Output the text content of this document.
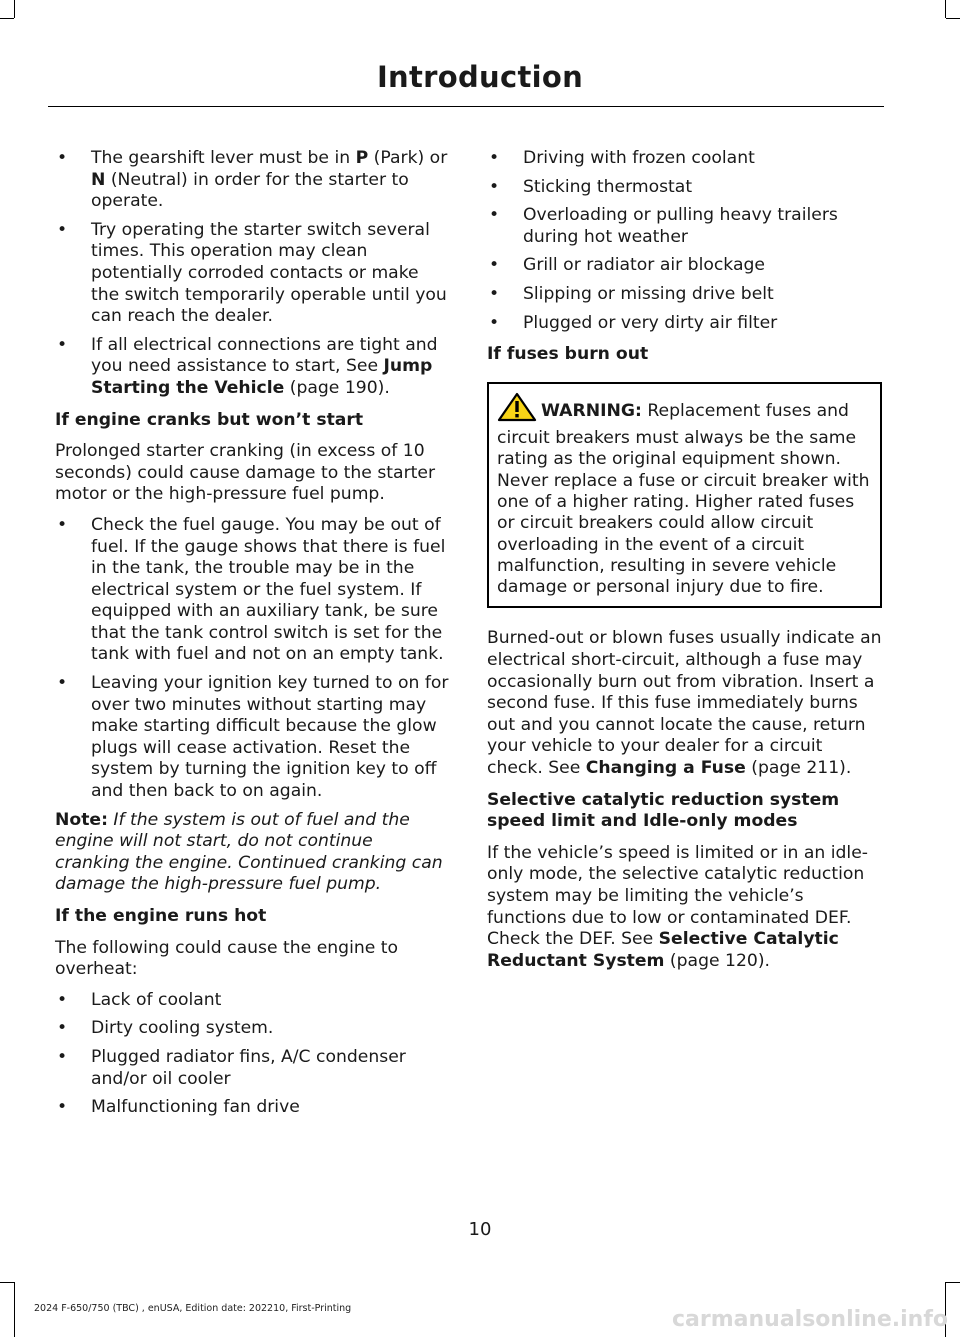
Introduction
•	The gearshift lever must be in P (Park) or N (Neutral) in order for the starter to operate.
•	Try operating the starter switch several times. This operation may clean potentially corroded contacts or make the switch temporarily operable until you can reach the dealer.
•	If all electrical connections are tight and you need assistance to start, See Jump Starting the Vehicle (page 190).
If engine cranks but won’t start

Prolonged starter cranking (in excess of 10 seconds) could cause damage to the starter motor or the high-pressure fuel pump.

•	Check the fuel gauge. You may be out of fuel. If the gauge shows that there is fuel in the tank, the trouble may be in the electrical system or the fuel system. If equipped with an auxiliary tank, be sure that the tank control switch is set for the tank with fuel and not on an empty tank.
•	Leaving your ignition key turned to on for over two minutes without starting may make starting difficult because the glow plugs will cease activation. Reset the system by turning the ignition key to off and then back to on again.

Note: If the system is out of fuel and the engine will not start, do not continue cranking the engine. Continued cranking can damage the high-pressure fuel pump.

If the engine runs hot

The following could cause the engine to overheat:

•	Lack of coolant
•	Dirty cooling system.
•	Plugged radiator fins, A/C condenser and/or oil cooler
•	Malfunctioning fan drive
•	Driving with frozen coolant
•	Sticking thermostat
•	Overloading or pulling heavy trailers during hot weather
•	Grill or radiator air blockage
•	Slipping or missing drive belt
•	Plugged or very dirty air filter
If fuses burn out
WARNING: Replacement fuses and circuit breakers must always be the same rating as the original equipment shown. Never replace a fuse or circuit breaker with one of a higher rating. Higher rated fuses or circuit breakers could allow circuit overloading in the event of a circuit malfunction, resulting in severe vehicle damage or personal injury due to fire.

Burned-out or blown fuses usually indicate an electrical short-circuit, although a fuse may occasionally burn out from vibration. Insert a second fuse. If this fuse immediately burns out and you cannot locate the cause, return your vehicle to your dealer for a circuit check. See Changing a Fuse (page 211).

Selective catalytic reduction system speed limit and Idle-only modes

If the vehicle’s speed is limited or in an idle-only mode, the selective catalytic reduction system may be limiting the vehicle’s functions due to low or contaminated DEF. Check the DEF. See Selective Catalytic Reductant System (page 120).

10
2024 F-650/750 (TBC) , enUSA, Edition date: 202210, First-Printing	carmanualsonline.info
